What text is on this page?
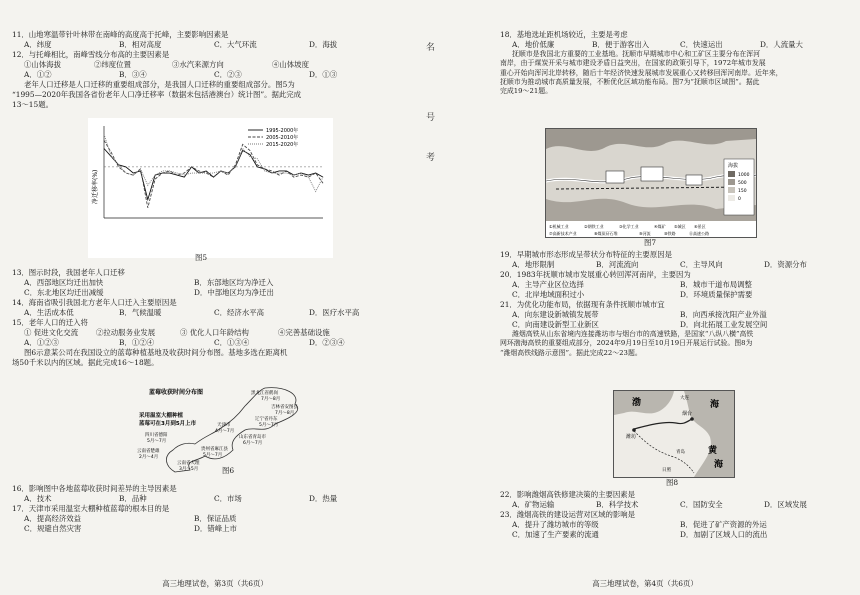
11．山地寒温带针叶林带在南峰的高度高于托峰，主要影响因素是

A．纬度	B．相对高度	C．大气环流	D．海拔

12．与托峰相比，南峰雪线分布高的主要因素是

①山体海拔	②纬度位置	③水汽来源方向	④山体坡度
A．①②	B．③④	C．②③	D．①③

老年人口迁移是人口迁移的重要组成部分，是我国人口迁移的重要组成部分。图5为

“1995—2020年我国各省份老年人口净迁移率（数据未包括港澳台）统计图”。据此完成

13～15题。

1995-2000年
2005-2010年
2015-2020年
净迁移率(%)
图5

13．图示时段，我国老年人口迁移

A．西部地区均迁出加快	B．东部地区均为净迁入
C．东北地区均迁出减缓	D．中部地区均为净迁出

14．海南省吸引我国北方老年人口迁入主要原因是

A．生活成本低	B．气候温暖	C．经济水平高	D．医疗水平高

15．老年人口的迁入将

① 促进文化交流	②拉动服务业发展	③ 优化人口年龄结构	④完善基础设施
A．①②③	B．①②④	C．①③④	D．②③④

图6示意某公司在我国设立的蓝莓种植基地及收获时间分布图。基地多选在距离机

场50千米以内的区域。据此完成16～18题。

蓝莓收获时间分布图
采用温室大棚种植
蓝莓可在3月到5月上市
黑龙江省鹤岗
7月～8月
吉林省安图县
7月～8月
辽宁省丹东
5月～7月
天津市
4月～7月
山东省青岛市
6月～7月
四川省德阳
5月～7月
云南省楚雄
2月～4月
贵州省麻江县
5月～7月
云南省大理
3月～5月	图6

16．影响图中各地蓝莓收获时间差异的主导因素是

A．技术	B．品种	C．市场	D．热量

17．天津市采用温室大棚种植蓝莓的根本目的是

A．提高经济效益	B．保证品质
C．规避自然灾害	D．错峰上市
高三地理试卷，第3页（共6页）
名
号
考

18．基地选址距机场较近，主要是考虑

A．地价低廉	B．便于游客出入	C．快速运出	D．人流量大

抚顺市是我国北方重要的工业基地。抚顺市早期城市中心和工矿区主要分布在浑河

南岸，由于煤炭开采与城市建设矛盾日益突出，在国家的政策引导下，1972年城市发展

重心开始向浑河北岸转移，随后十年经济快速发展城市发展重心又转移回浑河南岸。近年来，

抚顺市为推动城市高质量发展，不断优化区域功能布局。图7为“抚顺市区域图”。据此

完成19～21题。

海拔
1000
500
150
0
①机械工业	②钢铁工业	③化学工业	④煤矿 ⑤城区 ⑥景区
⑦高新技术产业	⑧煤炭矸石堆	⑨河流	⑩铁路	⑪高速公路
图7

19．早期城市形态形成呈带状分布特征的主要原因是

A．地形限制	B．河流流向	C．主导风向	D．资源分布

20．1983年抚顺市城市发展重心转回浑河南岸，主要因为

A．主导产业区位选择	B．城市干道布局调整
C．北岸地域面积过小	D．环境质量保护需要

21．为优化功能布局，依据现有条件抚顺市城市宜

A．向东建设新城镇发展带	B．向西承接沈阳产业外溢
C．向南建设新型工业新区	D．向北拓展工业发展空间

潍烟高铁从山东省境内连接潍坊市与烟台市的高速铁路，是国家“八纵八横”高铁

网环渤海高铁的重要组成部分，2024年9月19日至10月19日开展运行试验。图8为

“潍烟高铁线路示意图”。据此完成22～23题。

渤	海
黄
海
潍坊
烟台
大连
青岛
日照
图8

22．影响潍烟高铁修建决策的主要因素是

A．矿物运输	B．科学技术	C．国防安全	D．区域发展

23．潍烟高铁的建设运营对区域的影响是

A．提升了潍坊城市的等级	B．促进了矿产资源的外运
C．加速了生产要素的流通	D．加剧了区域人口的流出
高三地理试卷，第4页（共6页）
